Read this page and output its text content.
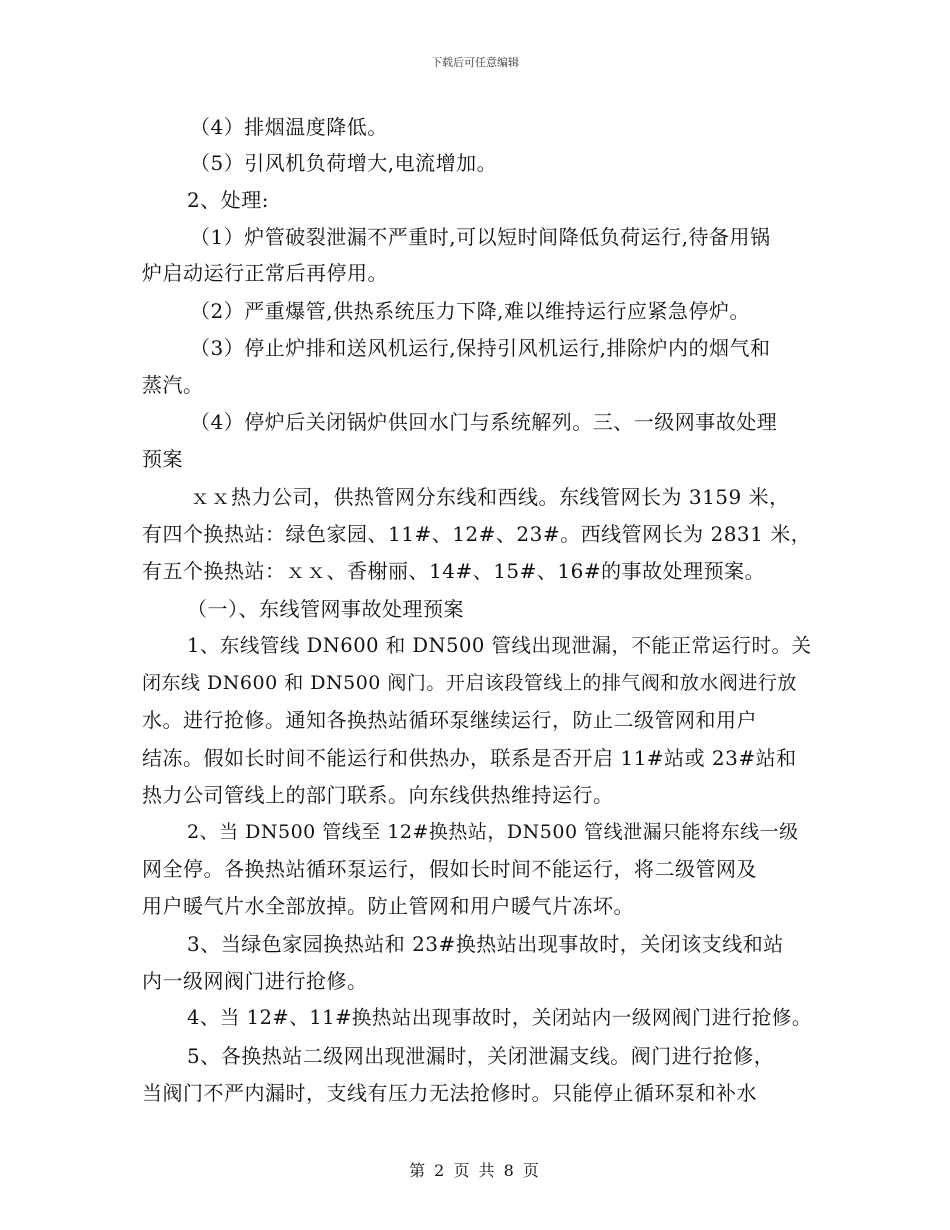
下载后可任意编辑
（4）排烟温度降低。
（5）引风机负荷增大,电流增加。
2、处理:
（1）炉管破裂泄漏不严重时,可以短时间降低负荷运行,待备用锅
炉启动运行正常后再停用。
（2）严重爆管,供热系统压力下降,难以维持运行应紧急停炉。
（3）停止炉排和送风机运行,保持引风机运行,排除炉内的烟气和
蒸汽。
（4）停炉后关闭锅炉供回水门与系统解列。三、一级网事故处理
预案
ｘｘ热力公司，供热管网分东线和西线。东线管网长为 3159 米，
有四个换热站：绿色家园、11#、12#、23#。西线管网长为 2831 米，
有五个换热站：ｘｘ、香榭丽、14#、15#、16#的事故处理预案。
（一）、东线管网事故处理预案
1、东线管线 DN600 和 DN500 管线出现泄漏，不能正常运行时。关
闭东线 DN600 和 DN500 阀门。开启该段管线上的排气阀和放水阀进行放
水。进行抢修。通知各换热站循环泵继续运行，防止二级管网和用户
结冻。假如长时间不能运行和供热办，联系是否开启 11#站或 23#站和
热力公司管线上的部门联系。向东线供热维持运行。
2、当 DN500 管线至 12#换热站，DN500 管线泄漏只能将东线一级
网全停。各换热站循环泵运行，假如长时间不能运行，将二级管网及
用户暖气片水全部放掉。防止管网和用户暖气片冻坏。
3、当绿色家园换热站和 23#换热站出现事故时，关闭该支线和站
内一级网阀门进行抢修。
4、当 12#、11#换热站出现事故时，关闭站内一级网阀门进行抢修。
5、各换热站二级网出现泄漏时，关闭泄漏支线。阀门进行抢修，
当阀门不严内漏时，支线有压力无法抢修时。只能停止循环泵和补水
第 2 页 共 8 页
